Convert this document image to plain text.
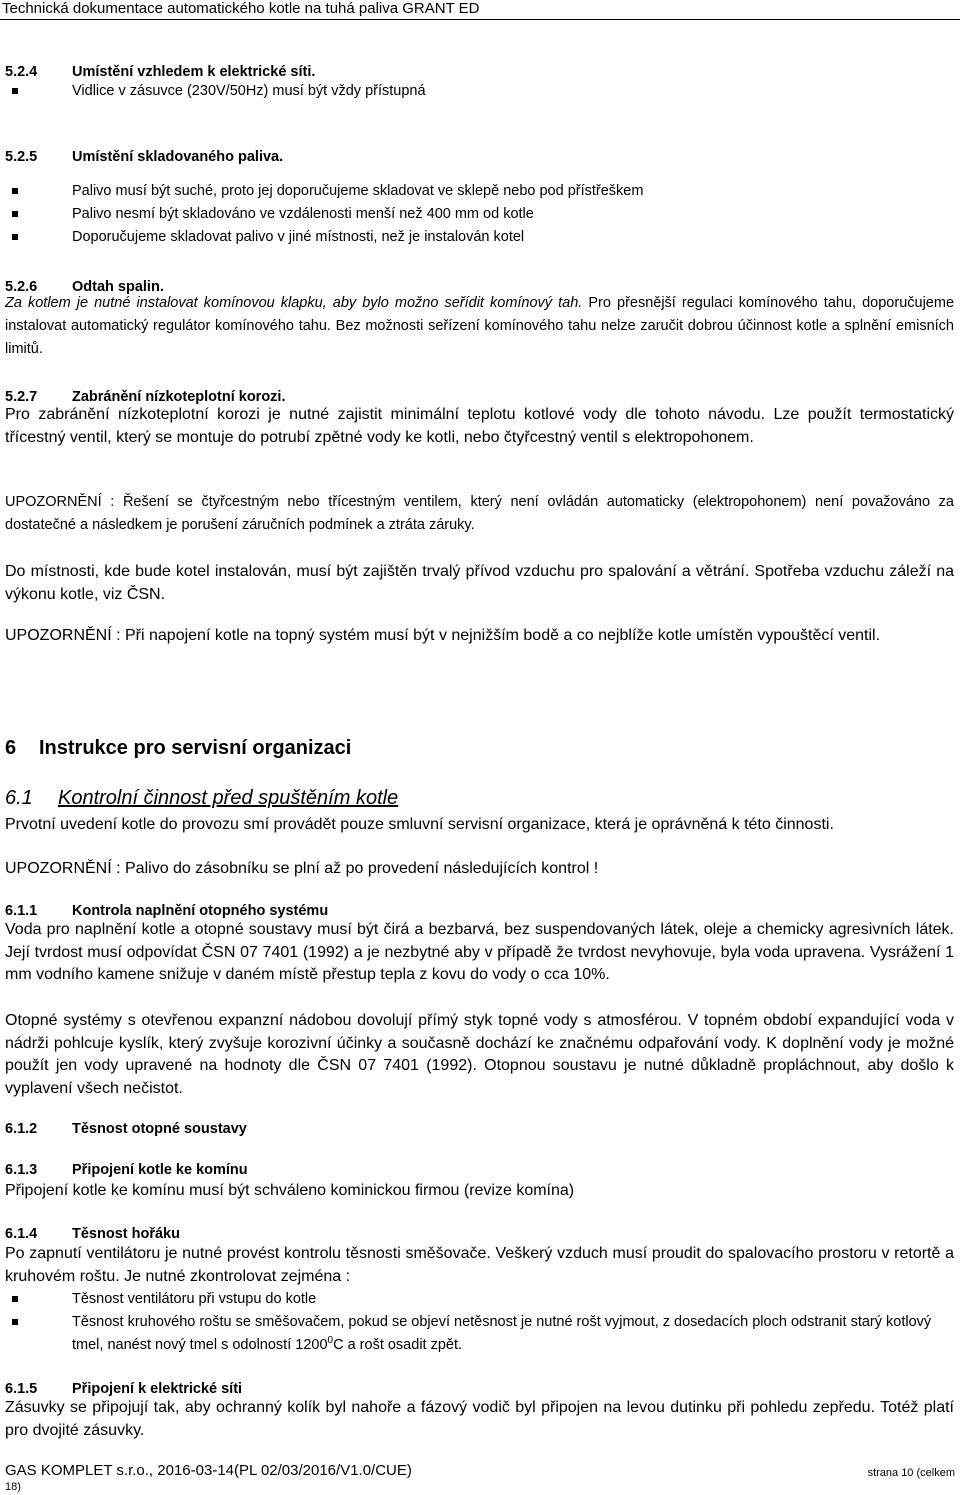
Technická dokumentace automatického kotle na tuhá paliva GRANT ED
5.2.4 Umístění vzhledem k elektrické síti.
Vidlice v zásuvce (230V/50Hz) musí být vždy přístupná
5.2.5 Umístění skladovaného paliva.
Palivo musí být suché, proto jej doporučujeme skladovat ve sklepě nebo pod přístřeškem
Palivo nesmí být skladováno ve vzdálenosti menší než 400 mm od kotle
Doporučujeme skladovat palivo v jiné místnosti, než je instalován kotel
5.2.6 Odtah spalin.
Za kotlem je nutné instalovat komínovou klapku, aby bylo možno seřídit komínový tah. Pro přesnější regulaci komínového tahu, doporučujeme instalovat automatický regulátor komínového tahu. Bez možnosti seřízení komínového tahu nelze zaručit dobrou účinnost kotle a splnění emisních limitů.
5.2.7 Zabránění nízkoteplotní korozi.
Pro zabránění nízkoteplotní korozi je nutné zajistit minimální teplotu kotlové vody dle tohoto návodu. Lze použít termostatický třícestný ventil, který se montuje do potrubí zpětné vody ke kotli, nebo čtyřcestný ventil s elektropohonem.
UPOZORNĚNÍ : Řešení se čtyřcestným nebo třícestným ventilem, který není ovládán automaticky (elektropohonem) není považováno za dostatečné a následkem je porušení záručních podmínek a ztráta záruky.
Do místnosti, kde bude kotel instalován, musí být zajištěn trvalý přívod vzduchu pro spalování a větrání. Spotřeba vzduchu záleží na výkonu kotle, viz ČSN.
UPOZORNĚNÍ : Při napojení kotle na topný systém musí být v nejnižším bodě a co nejblíže kotle umístěn vypouštěcí ventil.
6 Instrukce pro servisní organizaci
6.1 Kontrolní činnost před spuštěním kotle
Prvotní uvedení kotle do provozu smí provádět pouze smluvní servisní organizace, která je oprávněná k této činnosti.
UPOZORNĚNÍ : Palivo do zásobníku se plní až po provedení následujících kontrol !
6.1.1 Kontrola naplnění otopného systému
Voda pro naplnění kotle a otopné soustavy musí být čirá a bezbarvá, bez suspendovaných látek, oleje a chemicky agresivních látek. Její tvrdost musí odpovídat ČSN 07 7401 (1992) a je nezbytné aby v případě že tvrdost nevyhovuje, byla voda upravena. Vysrážení 1 mm vodního kamene snižuje v daném místě přestup tepla z kovu do vody o cca 10%.
Otopné systémy s otevřenou expanzní nádobou dovolují přímý styk topné vody s atmosférou. V topném období expandující voda v nádrži pohlcuje kyslík, který zvyšuje korozivní účinky a současně dochází ke značnému odpařování vody. K doplnění vody je možné použít jen vody upravené na hodnoty dle ČSN 07 7401 (1992). Otopnou soustavu je nutné důkladně propláchnout, aby došlo k vyplavení všech nečistot.
6.1.2 Těsnost otopné soustavy
6.1.3 Připojení kotle ke komínu
Připojení kotle ke komínu musí být schváleno kominickou firmou (revize komína)
6.1.4 Těsnost hořáku
Po zapnutí ventilátoru je nutné provést kontrolu těsnosti směšovače. Veškerý vzduch musí proudit do spalovacího prostoru v retortě a kruhovém roštu. Je nutné zkontrolovat zejména :
Těsnost ventilátoru při vstupu do kotle
Těsnost kruhového roštu se směšovačem, pokud se objeví netěsnost je nutné rošt vyjmout, z dosedacích ploch odstranit starý kotlový tmel, nanést nový tmel s odolností 1200$^0$C a rošt osadit zpět.
6.1.5 Připojení k elektrické síti
Zásuvky se připojují tak, aby ochranný kolík byl nahoře a fázový vodič byl připojen na levou dutinku při pohledu zepředu. Totéž platí pro dvojité zásuvky.
GAS KOMPLET s.r.o., 2016-03-14(PL 02/03/2016/V1.0/CUE)	strana 10 (celkem
18)
